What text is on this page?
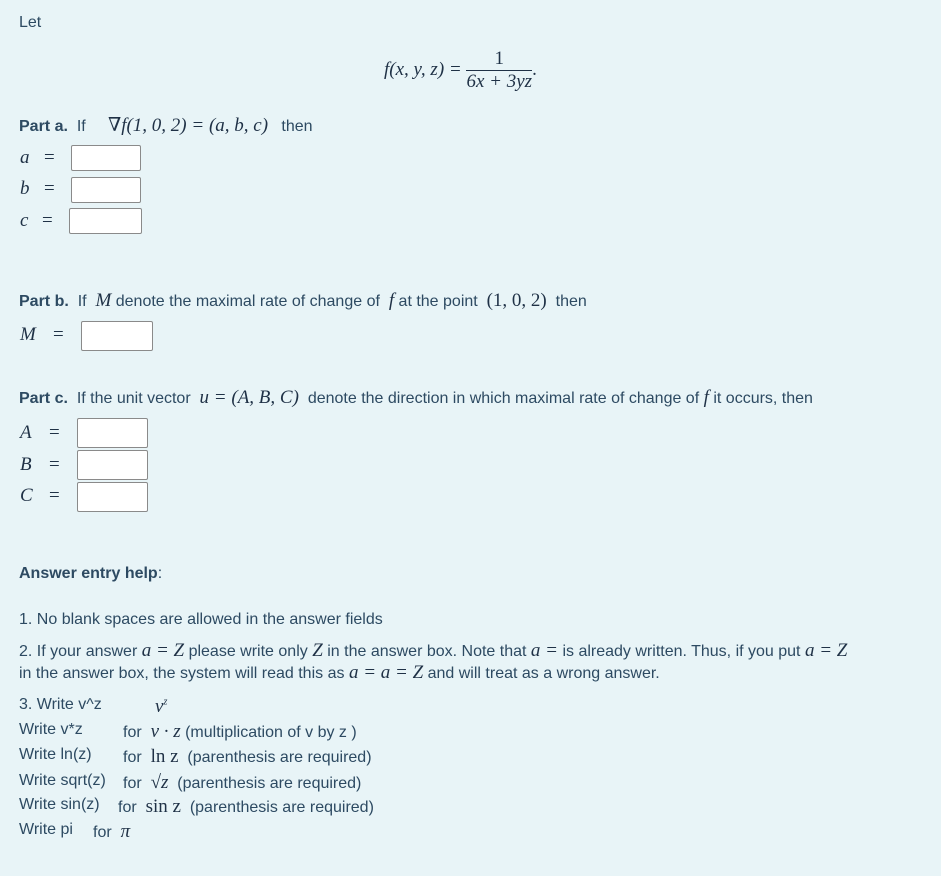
Let
f(x, y, $z) = \frac{1}{6x + 3yz}$ .
Part a. If ∇f(1, 0, 2) = (a, b, c) then
a =
b =
c =
Part b. If M denote the maximal rate of change of f at the point (1, 0, 2) then
M =
Part c. If the unit vector u = (A, B, C) denote the direction in which maximal rate of change of f it occurs, then
A =
B =
C =
Answer entry help:
1. No blank spaces are allowed in the answer fields
2. If your answer a = Z please write only Z in the answer box. Note that a = is already written. Thus, if you put a = Z
in the answer box, the system will read this as a = a = Z and will treat as a wrong answer.
3. Write v^z	$v^z$
Write v*z	for v · z (multiplication of v by z )
Write ln(z) for ln z (parenthesis are required)
Write sqrt(z) for √z (parenthesis are required)
Write sin(z) for sin z (parenthesis are required)
Write pi for π
